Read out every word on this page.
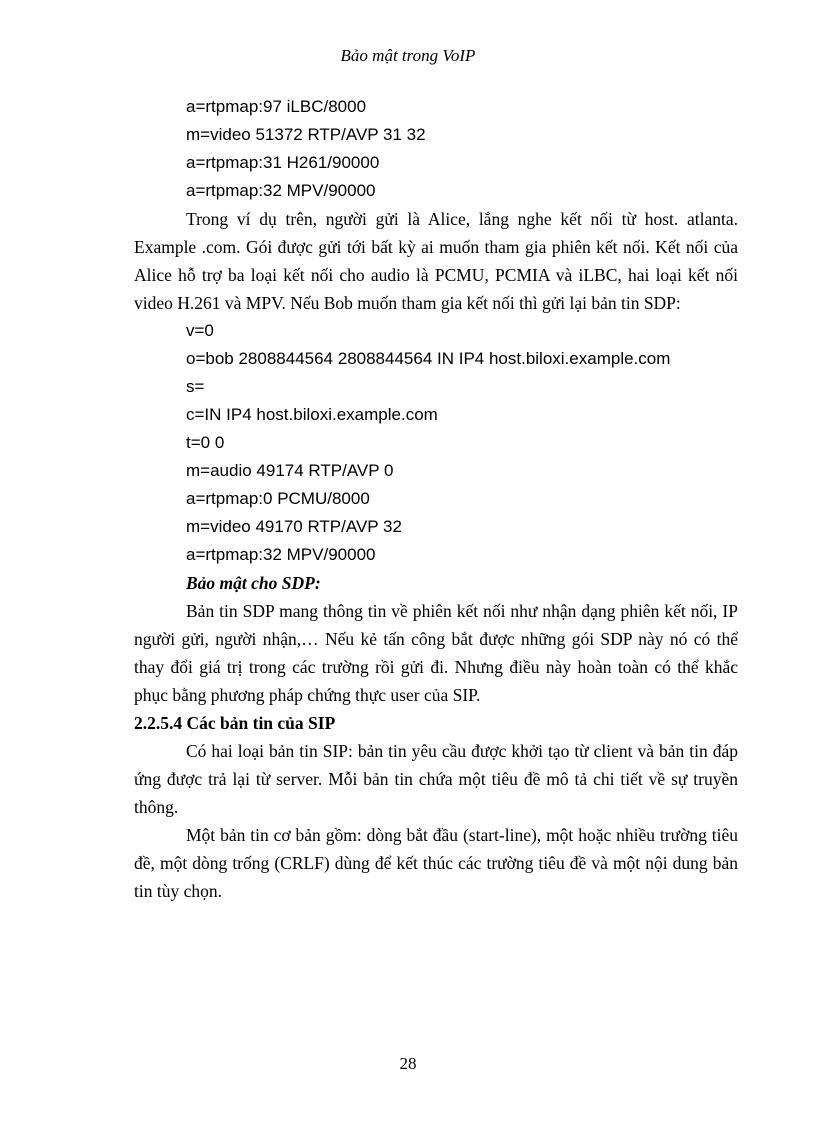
Bảo mật trong VoIP
a=rtpmap:97 iLBC/8000
m=video 51372 RTP/AVP 31 32
a=rtpmap:31 H261/90000
a=rtpmap:32 MPV/90000

Trong ví dụ trên, người gửi là Alice, lắng nghe kết nối từ host. atlanta. Example .com. Gói được gửi tới bất kỳ ai muốn tham gia phiên kết nối. Kết nối của Alice hỗ trợ ba loại kết nối cho audio là PCMU, PCMIA và iLBC, hai loại kết nối video H.261 và MPV. Nếu Bob muốn tham gia kết nối thì gửi lại bản tin SDP:

v=0
o=bob 2808844564 2808844564 IN IP4 host.biloxi.example.com
s=
c=IN IP4 host.biloxi.example.com
t=0 0
m=audio 49174 RTP/AVP 0
a=rtpmap:0 PCMU/8000
m=video 49170 RTP/AVP 32
a=rtpmap:32 MPV/90000
Bảo mật cho SDP:

Bản tin SDP mang thông tin về phiên kết nối như nhận dạng phiên kết nối, IP người gửi, người nhận,… Nếu kẻ tấn công bắt được những gói SDP này nó có thể thay đổi giá trị trong các trường rồi gửi đi. Nhưng điều này hoàn toàn có thể khắc phục bằng phương pháp chứng thực user của SIP.

2.2.5.4 Các bản tin của SIP

Có hai loại bản tin SIP: bản tin yêu cầu được khởi tạo từ client và bản tin đáp ứng được trả lại từ server. Mỗi bản tin chứa một tiêu đề mô tả chi tiết về sự truyền thông.

Một bản tin cơ bản gồm: dòng bắt đầu (start-line), một hoặc nhiều trường tiêu đề, một dòng trống (CRLF) dùng để kết thúc các trường tiêu đề và một nội dung bản tin tùy chọn.

28
